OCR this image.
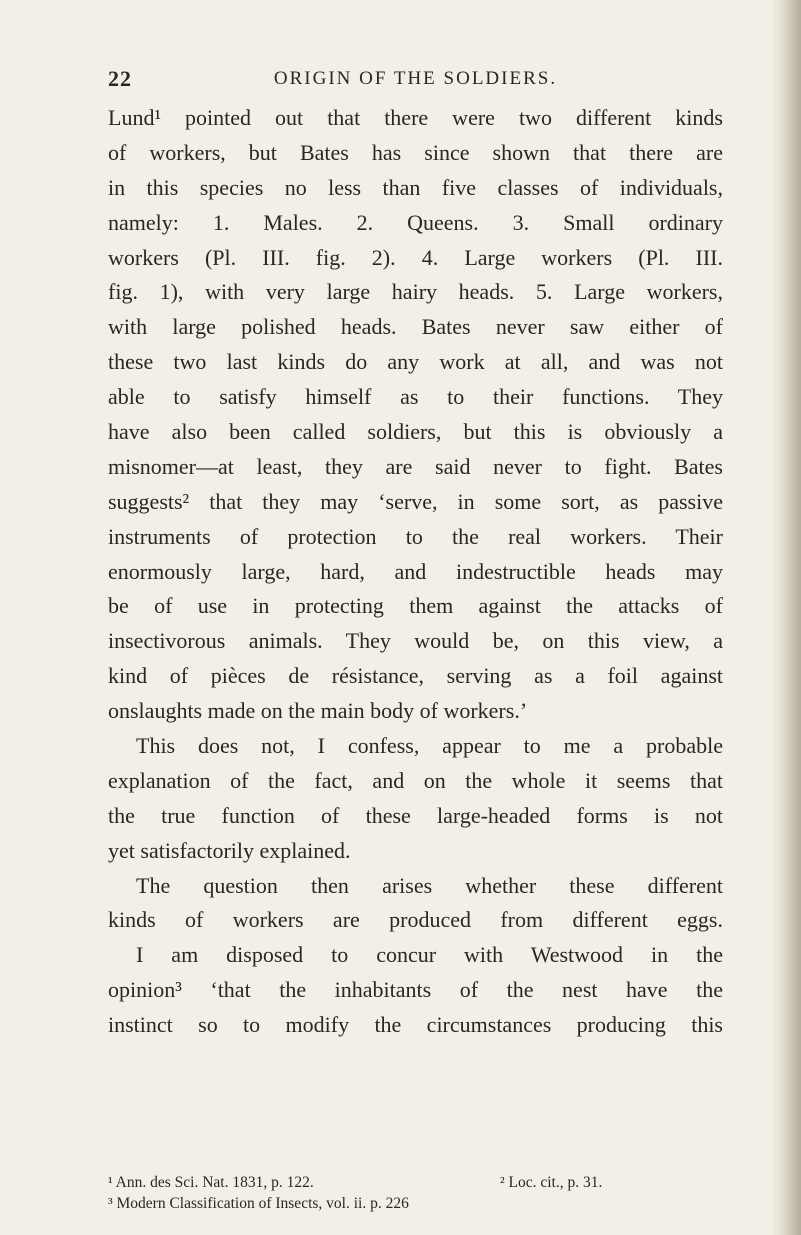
22	ORIGIN OF THE SOLDIERS.
Lund¹ pointed out that there were two different kinds
of workers, but Bates has since shown that there are
in this species no less than five classes of individuals,
namely: 1. Males. 2. Queens. 3. Small ordinary
workers (Pl. III. fig. 2). 4. Large workers (Pl. III.
fig. 1), with very large hairy heads. 5. Large workers,
with large polished heads. Bates never saw either of
these two last kinds do any work at all, and was not
able to satisfy himself as to their functions. They
have also been called soldiers, but this is obviously a
misnomer—at least, they are said never to fight. Bates
suggests² that they may ‘serve, in some sort, as passive
instruments of protection to the real workers. Their
enormously large, hard, and indestructible heads may
be of use in protecting them against the attacks of
insectivorous animals. They would be, on this view, a
kind of pièces de résistance, serving as a foil against
onslaughts made on the main body of workers.’
This does not, I confess, appear to me a probable
explanation of the fact, and on the whole it seems that
the true function of these large-headed forms is not
yet satisfactorily explained.
The question then arises whether these different
kinds of workers are produced from different eggs.
I am disposed to concur with Westwood in the
opinion³ ‘that the inhabitants of the nest have the
instinct so to modify the circumstances producing this
¹ Ann. des Sci. Nat. 1831, p. 122.	² Loc. cit., p. 31.
³ Modern Classification of Insects, vol. ii. p. 226
